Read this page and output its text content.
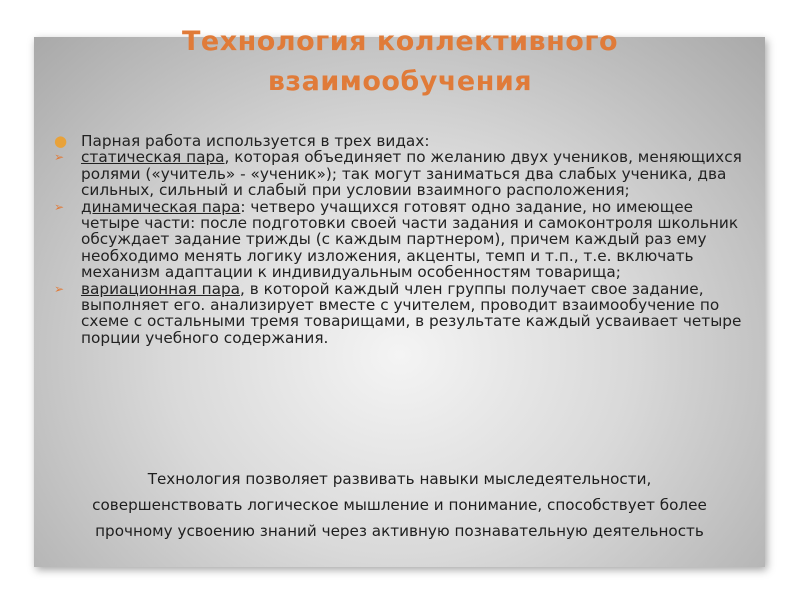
Технология коллективного
взаимообучения

● Парная работа используется в трех видах:

➢ статическая пара, которая объединяет по желанию двух учеников, меняющихся ролями («учитель» - «ученик»); так могут заниматься два слабых ученика, два сильных, сильный и слабый при условии взаимного расположения;

➢ динамическая пара: четверо учащихся готовят одно задание, но имеющее четыре части: после подготовки своей части задания и самоконтроля школьник обсуждает задание трижды (с каждым партнером), причем каждый раз ему необходимо менять логику изложения, акценты, темп и т.п., т.е. включать механизм адаптации к индивидуальным особенностям товарища;

➢ вариационная пара, в которой каждый член группы получает свое задание, выполняет его. анализирует вместе с учителем, проводит взаимообучение по схеме с остальными тремя товарищами, в результате каждый усваивает четыре порции учебного содержания.

Технология позволяет развивать навыки мыследеятельности,
совершенствовать логическое мышление и понимание, способствует более
прочному усвоению знаний через активную познавательную деятельность
